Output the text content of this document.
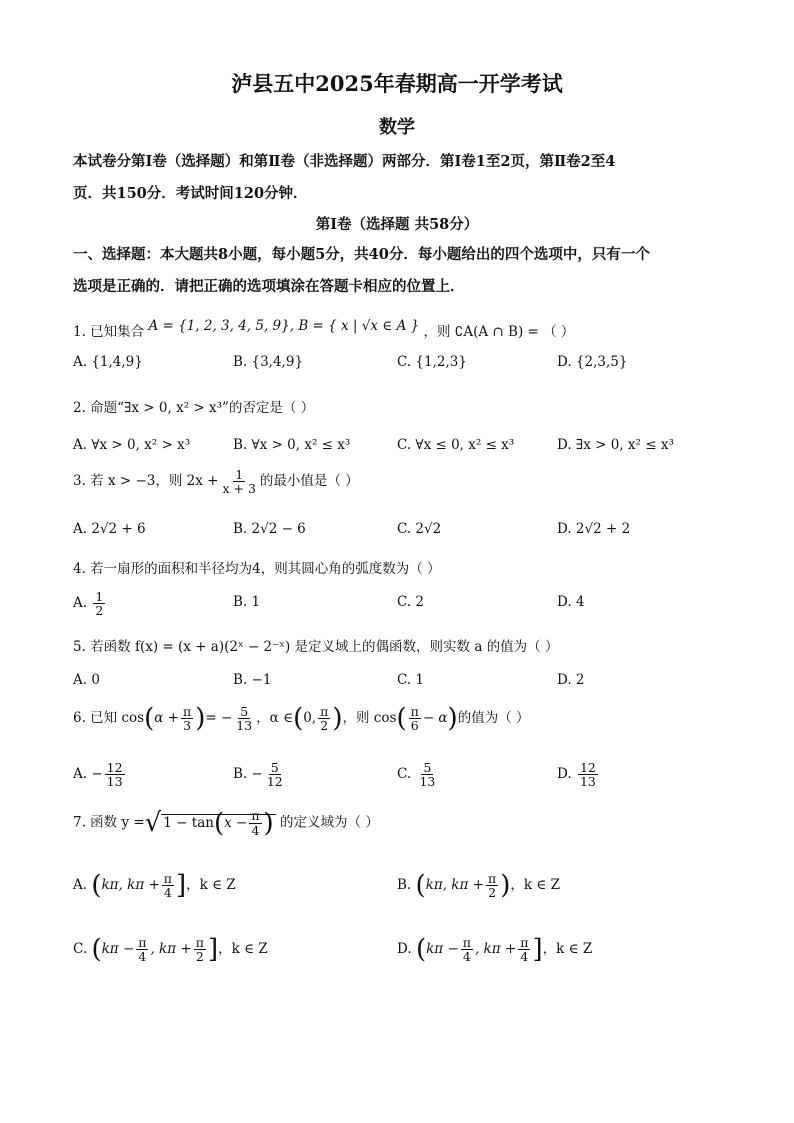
泸县五中2025年春期高一开学考试
数学
本试卷分第Ⅰ卷（选择题）和第Ⅱ卷（非选择题）两部分．第Ⅰ卷1至2页，第Ⅱ卷2至4
页．共150分．考试时间120分钟．
第Ⅰ卷（选择题 共58分）
一、选择题：本大题共8小题，每小题5分，共40分．每小题给出的四个选项中，只有一个
选项是正确的．请把正确的选项填涂在答题卡相应的位置上．
1. 已知集合 A = {1, 2, 3, 4, 5, 9}, B = { x | √x ∈ A } ，则 ∁A(A ∩ B) = （ ）
A. {1,4,9}	B. {3,4,9}	C. {1,2,3}	D. {2,3,5}
2. 命题“∃x > 0, x² > x³”的否定是（ ）
A. ∀x > 0, x² > x³	B. ∀x > 0, x² ≤ x³	C. ∀x ≤ 0, x² ≤ x³	D. ∃x > 0, x² ≤ x³
3. 若 x > −3，则 $2x + \frac{1}{x + 3}$ 的最小值是（ ）
A. 2√2 + 6	B. 2√2 − 6	C. 2√2	D. 2√2 + 2
4. 若一扇形的面积和半径均为4，则其圆心角的弧度数为（ ）
A. $\frac{1}{2}$	B. 1	C. 2	D. 4
5. 若函数 f(x) = (x + a)(2ˣ − 2⁻ˣ) 是定义域上的偶函数，则实数 a 的值为（ ）
A. 0	B. −1	C. 1	D. 2
6. 已知 $\cos(\alpha + \frac{\pi}{3}$ )= − $\frac{5}{13}$ ，α ∈(0, $\frac{\pi}{2}$ )，则 $\cos( \frac{\pi}{6} - \alpha)$的值为（ ）
A. − $\frac{12}{13}$	B. − $\frac{5}{12}$	C. $\frac{5}{13}$	D. $\frac{12}{13}$
7. 函数 y =√ $1 - \tan(x - \frac{\pi}{4}$ ) 的定义域为（ ）
A. (kπ, $k\pi + \frac{\pi}{4}$ ]，k ∈ Z	B. (kπ, $k\pi + \frac{\pi}{2}$ )，k ∈ Z
C. ($k\pi - \frac{\pi}{4}$ , $k\pi + \frac{\pi}{2}$ ]，k ∈ Z	D. ($k\pi - \frac{\pi}{4}$ , $k\pi + \frac{\pi}{4}$ ]，k ∈ Z
